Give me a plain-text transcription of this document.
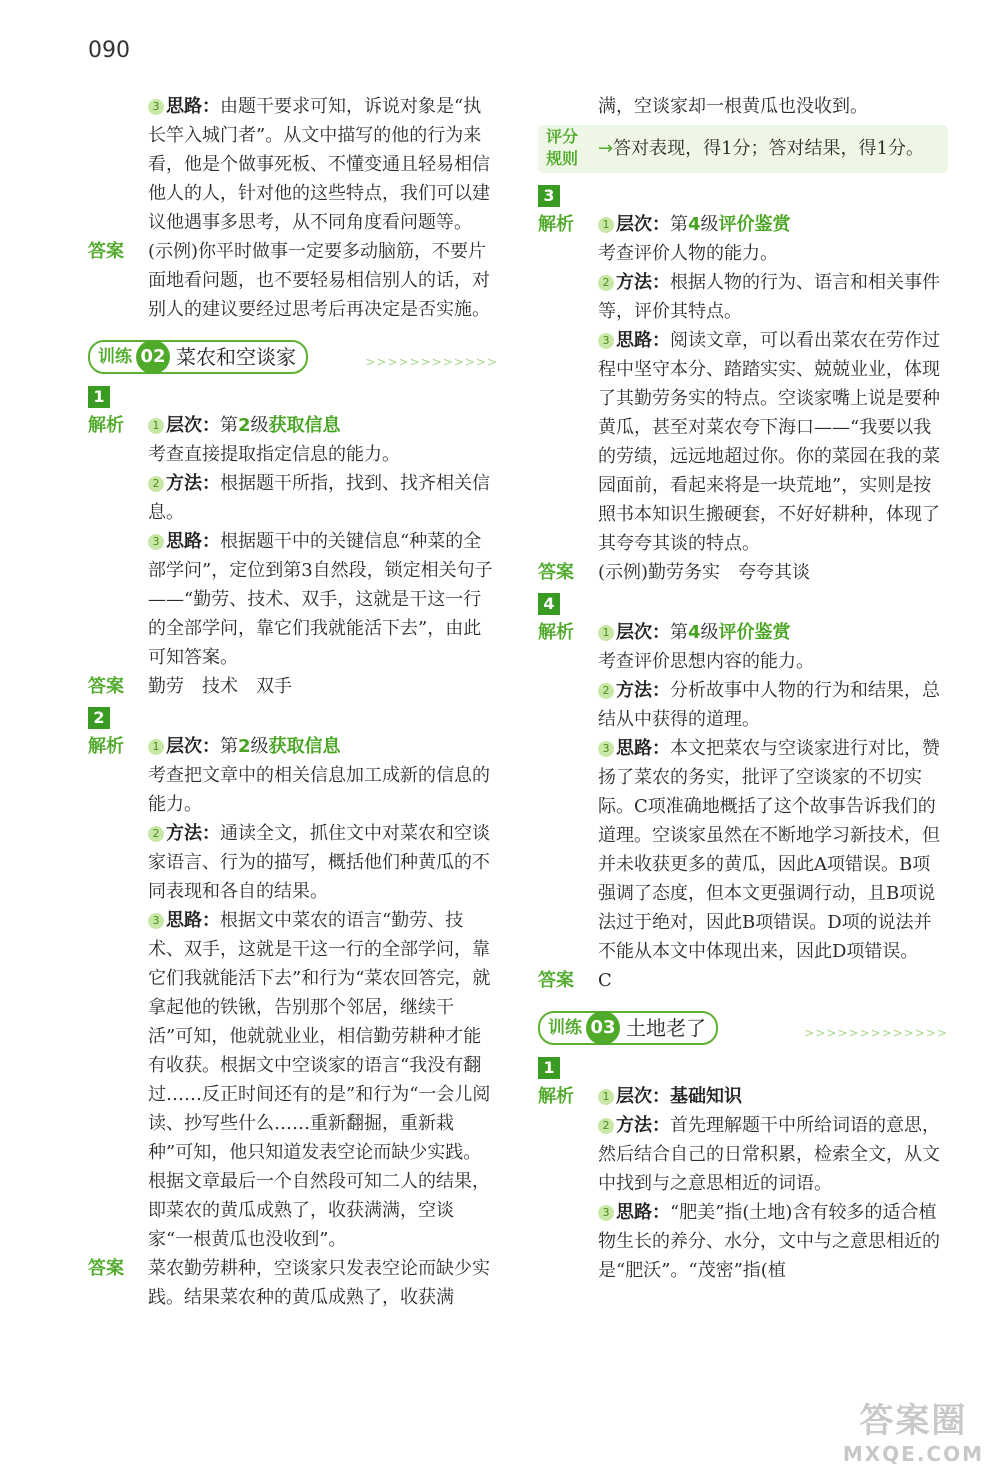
090

3 思路：由题干要求可知，诉说对象是“执长竿入城门者”。从文中描写的他的行为来看，他是个做事死板、不懂变通且轻易相信他人的人，针对他的这些特点，我们可以建议他遇事多思考，从不同角度看问题等。

答案 (示例)你平时做事一定要多动脑筋，不要片面地看问题，也不要轻易相信别人的话，对别人的建议要经过思考后再决定是否实施。

训练 02 菜农和空谈家	>>>>>>>>>>>>
1

解析	1 层次：第2级获取信息

考查直接提取指定信息的能力。

2 方法：根据题干所指，找到、找齐相关信息。

3 思路：根据题干中的关键信息“种菜的全部学问”，定位到第3自然段，锁定相关句子——“勤劳、技术、双手，这就是干这一行的全部学问，靠它们我就能活下去”，由此可知答案。

答案 勤劳　技术　双手

2

解析	1 层次：第2级获取信息

考查把文章中的相关信息加工成新的信息的能力。

2 方法：通读全文，抓住文中对菜农和空谈家语言、行为的描写，概括他们种黄瓜的不同表现和各自的结果。

3 思路：根据文中菜农的语言“勤劳、技术、双手，这就是干这一行的全部学问，靠它们我就能活下去”和行为“菜农回答完，就拿起他的铁锹，告别那个邻居，继续干活”可知，他就就业业，相信勤劳耕种才能有收获。根据文中空谈家的语言“我没有翻过……反正时间还有的是”和行为“一会儿阅读、抄写些什么……重新翻掘，重新栽种”可知，他只知道发表空论而缺少实践。根据文章最后一个自然段可知二人的结果，即菜农的黄瓜成熟了，收获满满，空谈家“一根黄瓜也没收到”。

答案 菜农勤劳耕种，空谈家只发表空论而缺少实践。结果菜农种的黄瓜成熟了，收获满

满，空谈家却一根黄瓜也没收到。

评分规则	→答对表现，得1分；答对结果，得1分。
3

解析	1 层次：第4级评价鉴赏

考查评价人物的能力。

2 方法：根据人物的行为、语言和相关事件等，评价其特点。

3 思路：阅读文章，可以看出菜农在劳作过程中坚守本分、踏踏实实、兢兢业业，体现了其勤劳务实的特点。空谈家嘴上说是要种黄瓜，甚至对菜农夸下海口——“我要以我的劳绩，远远地超过你。你的菜园在我的菜园面前，看起来将是一块荒地”，实则是按照书本知识生搬硬套，不好好耕种，体现了其夸夸其谈的特点。

答案 (示例)勤劳务实　夸夸其谈

4

解析	1 层次：第4级评价鉴赏

考查评价思想内容的能力。

2 方法：分析故事中人物的行为和结果，总结从中获得的道理。

3 思路：本文把菜农与空谈家进行对比，赞扬了菜农的务实，批评了空谈家的不切实际。C项准确地概括了这个故事告诉我们的道理。空谈家虽然在不断地学习新技术，但并未收获更多的黄瓜，因此A项错误。B项强调了态度，但本文更强调行动，且B项说法过于绝对，因此B项错误。D项的说法并不能从本文中体现出来，因此D项错误。

答案 C

训练 03 土地老了	>>>>>>>>>>>>>
1

解析	1 层次：基础知识

2 方法：首先理解题干中所给词语的意思，然后结合自己的日常积累，检索全文，从文中找到与之意思相近的词语。

3 思路：“肥美”指(土地)含有较多的适合植物生长的养分、水分，文中与之意思相近的是“肥沃”。“茂密”指(植

答案圈
MXQE.COM
